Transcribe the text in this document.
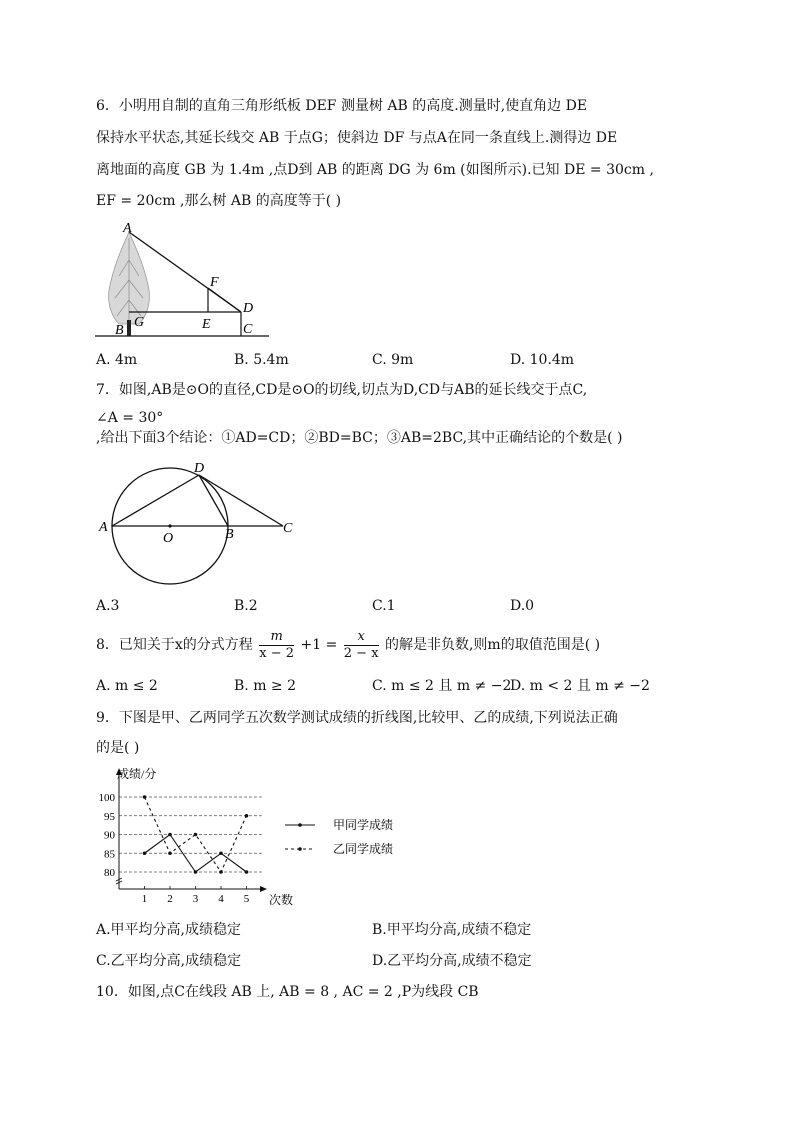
6．小明用自制的直角三角形纸板 DEF 测量树 AB 的高度.测量时,使直角边 DE
保持水平状态,其延长线交 AB 于点G；使斜边 DF 与点A在同一条直线上.测得边 DE
离地面的高度 GB 为 1.4m ,点D到 AB 的距离 DG 为 6m (如图所示).已知 DE = 30cm ,
EF = 20cm ,那么树 AB 的高度等于( )
A
F
D
G	E
B	C
A. 4m	B. 5.4m	C. 9m	D. 10.4m
7．如图,AB是⊙O的直径,CD是⊙O的切线,切点为D,CD与AB的延长线交于点C,
∠A = 30°
,给出下面3个结论：①AD=CD；②BD=BC；③AB=2BC,其中正确结论的个数是( )
D
A
O	B	C
A.3	B.2	C.1	D.0
8．已知关于x的分式方程 $\frac{m}{x - 2} +1 = \frac{x}{2 - x}$ 的解是非负数,则m的取值范围是( )
A. m ≤ 2	B. m ≥ 2	C. m ≤ 2 且 m ≠ −2
D. m < 2 且 m ≠ −2
9．下图是甲、乙两同学五次数学测试成绩的折线图,比较甲、乙的成绩,下列说法正确
的是( )
80
85
90
95
100
成绩/分
次数
1 2 3 4 5
甲同学成绩
乙同学成绩
A.甲平均分高,成绩稳定	B.甲平均分高,成绩不稳定
C.乙平均分高,成绩稳定	D.乙平均分高,成绩不稳定
10．如图,点C在线段 AB 上, AB = 8 , AC = 2 ,P为线段 CB
